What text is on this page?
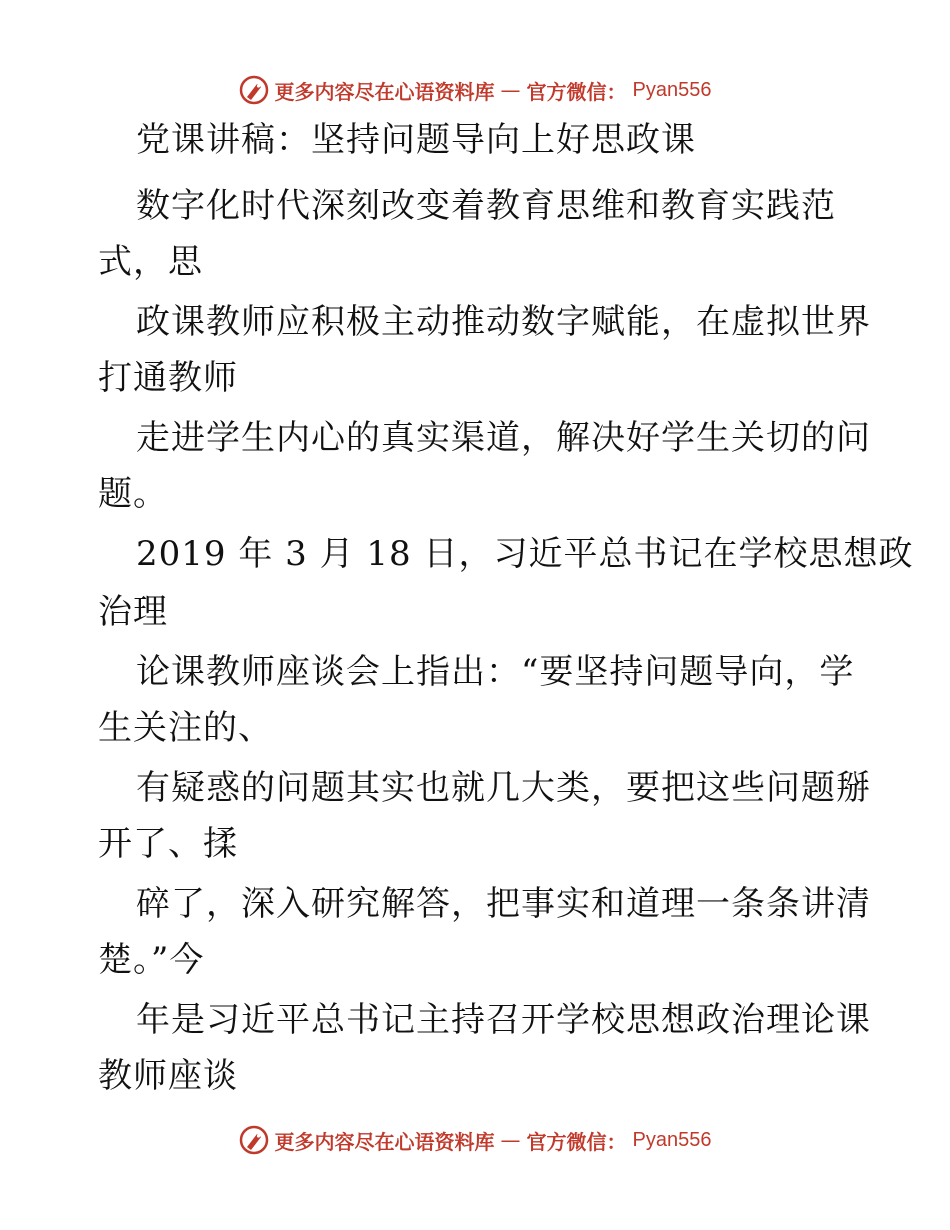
更多内容尽在心语资料库 — 官方微信： Pyan556
党课讲稿：坚持问题导向上好思政课
数字化时代深刻改变着教育思维和教育实践范
式，思
政课教师应积极主动推动数字赋能，在虚拟世界
打通教师
走进学生内心的真实渠道，解决好学生关切的问
题。
2019 年 3 月 18 日，习近平总书记在学校思想政
治理
论课教师座谈会上指出：“要坚持问题导向，学
生关注的、
有疑惑的问题其实也就几大类，要把这些问题掰
开了、揉
碎了，深入研究解答，把事实和道理一条条讲清
楚。”今
年是习近平总书记主持召开学校思想政治理论课
教师座谈
更多内容尽在心语资料库 — 官方微信： Pyan556
